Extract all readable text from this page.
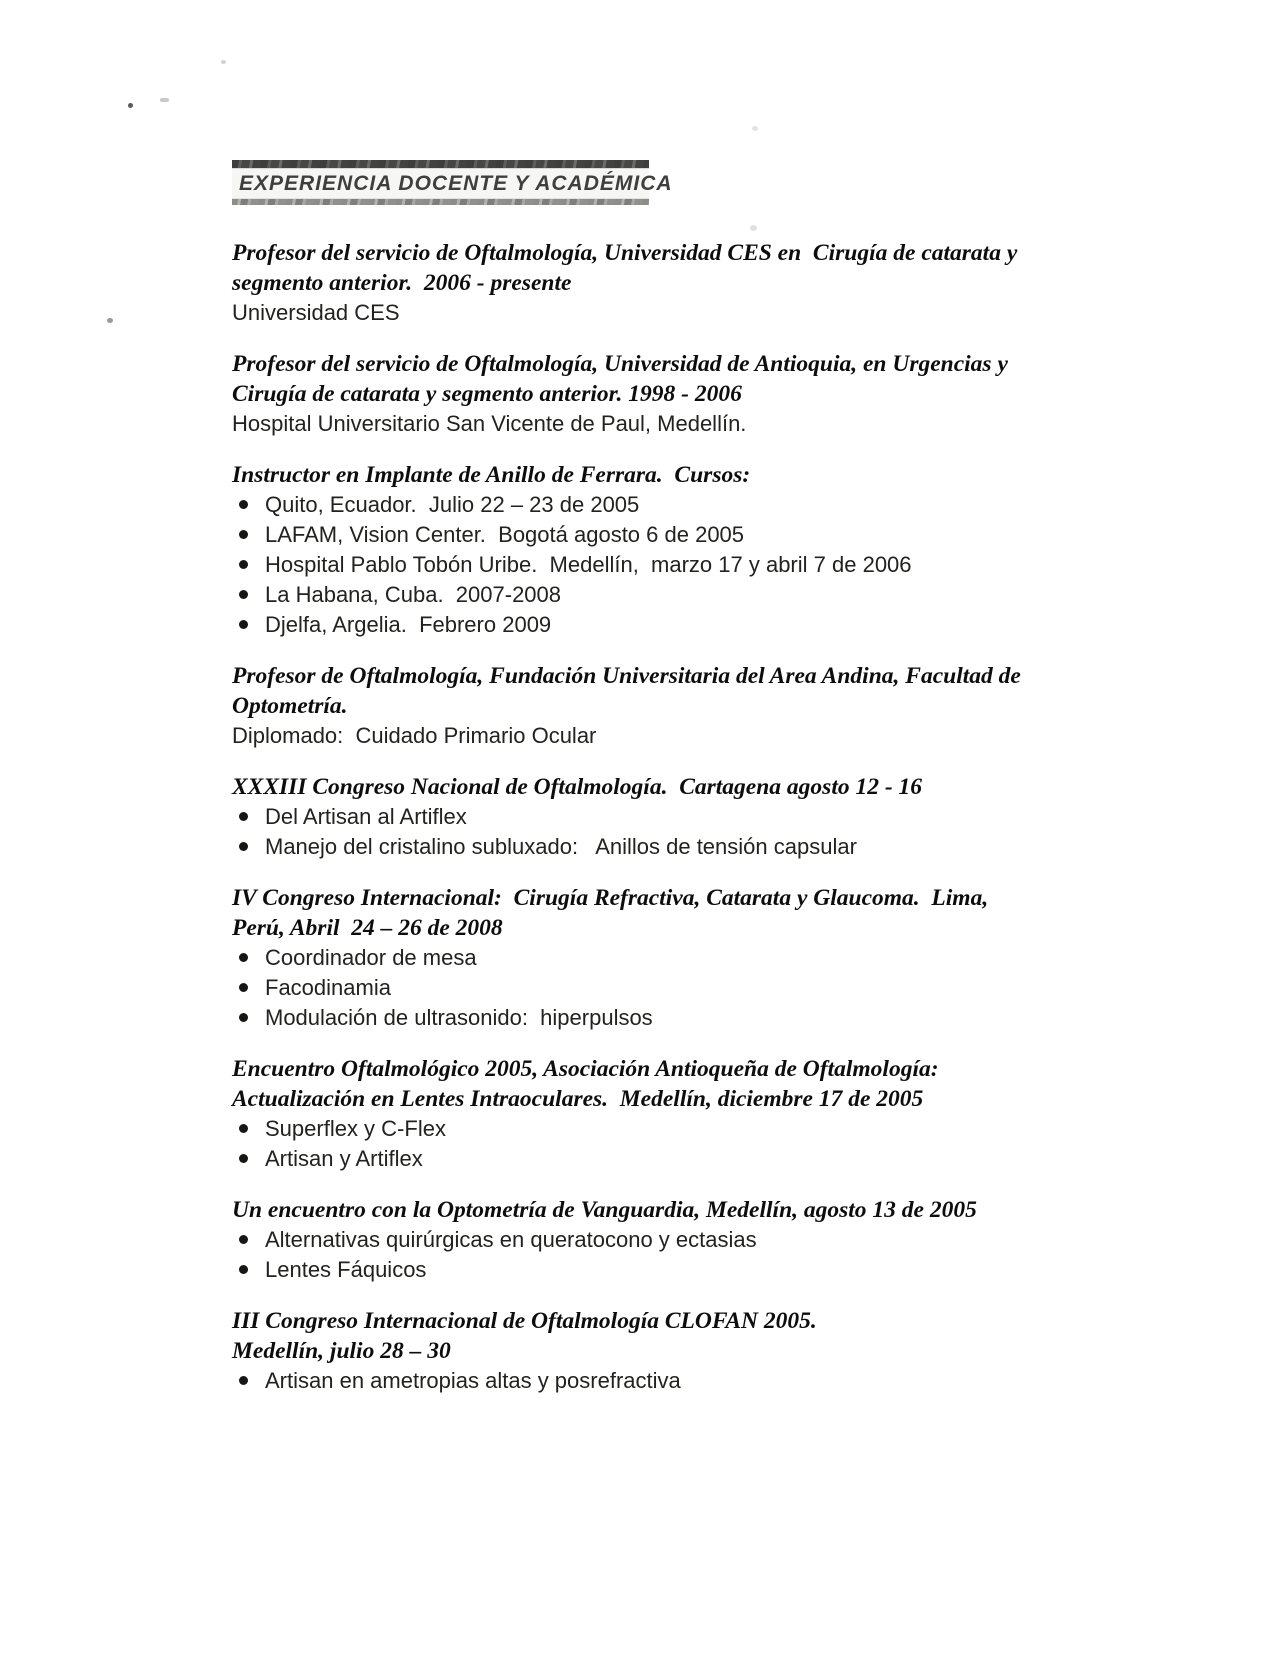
EXPERIENCIA DOCENTE Y ACADÉMICA
Profesor del servicio de Oftalmología, Universidad CES en  Cirugía de catarata y
segmento anterior.  2006 - presente
Universidad CES
Profesor del servicio de Oftalmología, Universidad de Antioquia, en Urgencias y
Cirugía de catarata y segmento anterior. 1998 - 2006
Hospital Universitario San Vicente de Paul, Medellín.
Instructor en Implante de Anillo de Ferrara.  Cursos:
Quito, Ecuador.  Julio 22 – 23 de 2005
LAFAM, Vision Center.  Bogotá agosto 6 de 2005
Hospital Pablo Tobón Uribe.  Medellín,  marzo 17 y abril 7 de 2006
La Habana, Cuba.  2007-2008
Djelfa, Argelia.  Febrero 2009
Profesor de Oftalmología, Fundación Universitaria del Area Andina, Facultad de
Optometría.
Diplomado:  Cuidado Primario Ocular
XXXIII Congreso Nacional de Oftalmología.  Cartagena agosto 12 - 16
Del Artisan al Artiflex
Manejo del cristalino subluxado:   Anillos de tensión capsular
IV Congreso Internacional:  Cirugía Refractiva, Catarata y Glaucoma.  Lima,
Perú, Abril  24 – 26 de 2008
Coordinador de mesa
Facodinamia
Modulación de ultrasonido:  hiperpulsos
Encuentro Oftalmológico 2005, Asociación Antioqueña de Oftalmología:
Actualización en Lentes Intraoculares.  Medellín, diciembre 17 de 2005
Superflex y C-Flex
Artisan y Artiflex
Un encuentro con la Optometría de Vanguardia, Medellín, agosto 13 de 2005
Alternativas quirúrgicas en queratocono y ectasias
Lentes Fáquicos
III Congreso Internacional de Oftalmología CLOFAN 2005.
Medellín, julio 28 – 30
Artisan en ametropias altas y posrefractiva
